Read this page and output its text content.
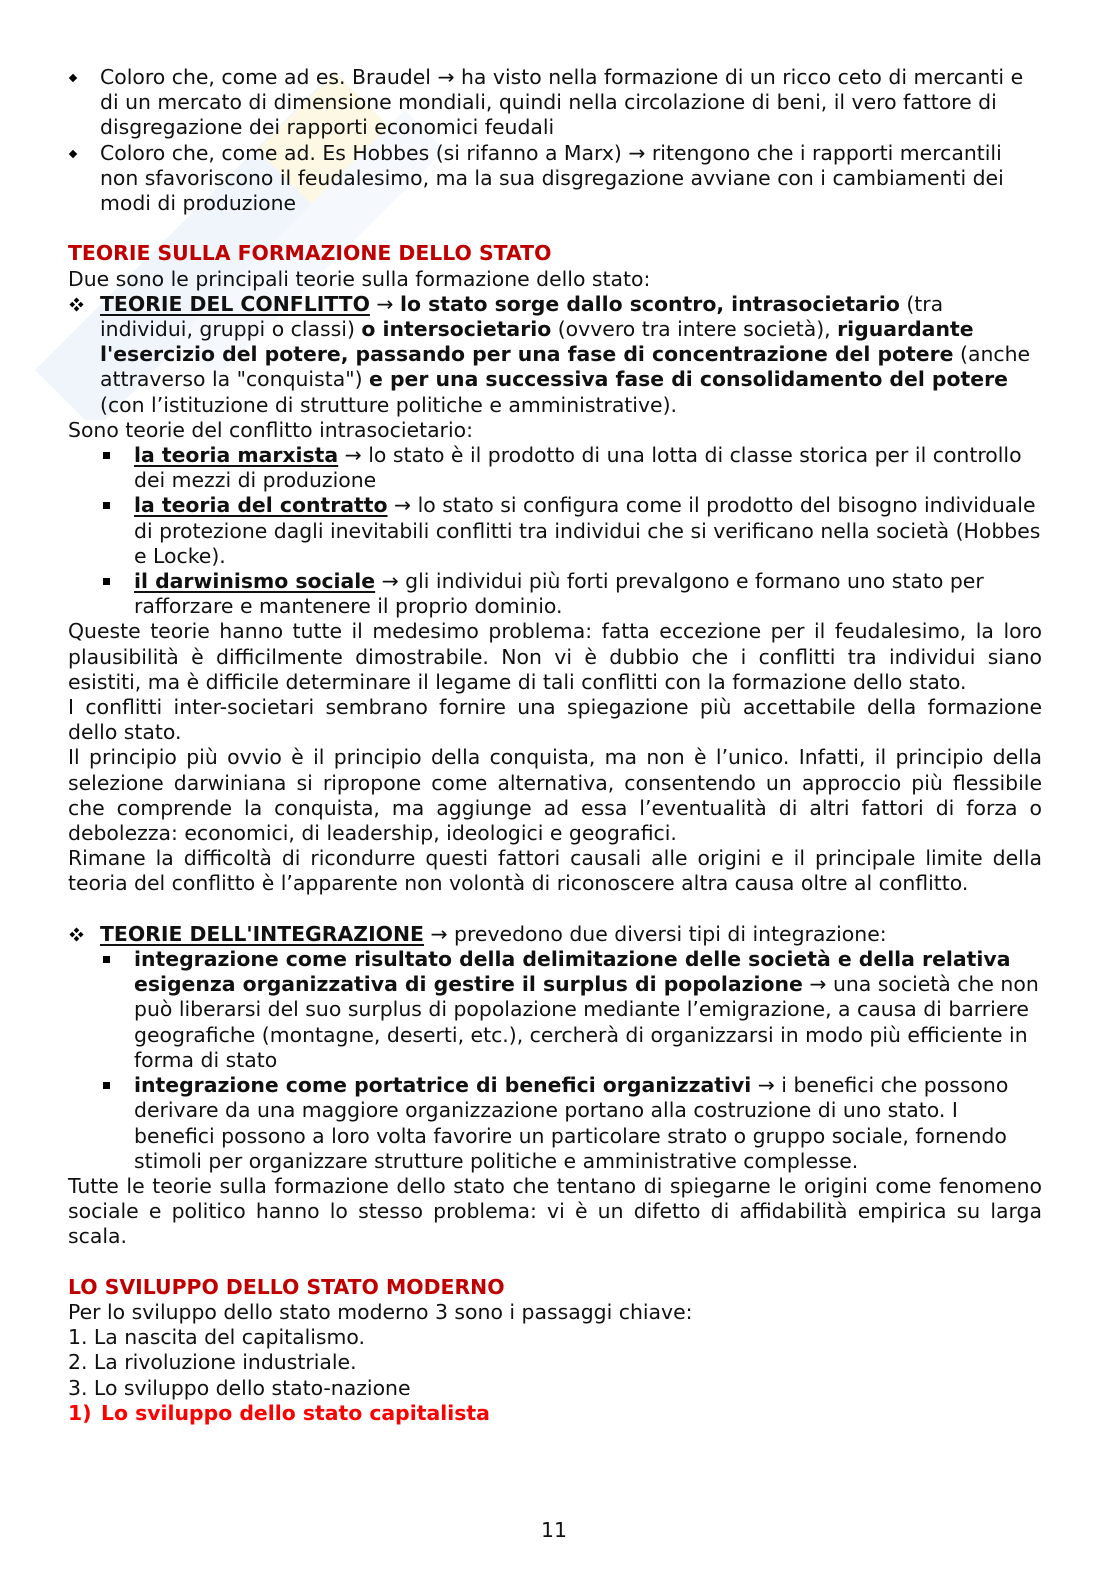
Coloro che, come ad es. Braudel → ha visto nella formazione di un ricco ceto di mercanti e di un mercato di dimensione mondiali, quindi nella circolazione di beni, il vero fattore di disgregazione dei rapporti economici feudali
Coloro che, come ad. Es Hobbes (si rifanno a Marx) → ritengono che i rapporti mercantili non sfavoriscono il feudalesimo, ma la sua disgregazione avviane con i cambiamenti dei modi di produzione
TEORIE SULLA FORMAZIONE DELLO STATO

Due sono le principali teorie sulla formazione dello stato:

TEORIE DEL CONFLITTO → lo stato sorge dallo scontro, intrasocietario (tra individui, gruppi o classi) o intersocietario (ovvero tra intere società), riguardante l'esercizio del potere, passando per una fase di concentrazione del potere (anche attraverso la "conquista") e per una successiva fase di consolidamento del potere (con l’istituzione di strutture politiche e amministrative).

Sono teorie del conflitto intrasocietario:

la teoria marxista → lo stato è il prodotto di una lotta di classe storica per il controllo dei mezzi di produzione
la teoria del contratto → lo stato si configura come il prodotto del bisogno individuale di protezione dagli inevitabili conflitti tra individui che si verificano nella società (Hobbes e Locke).
il darwinismo sociale → gli individui più forti prevalgono e formano uno stato per rafforzare e mantenere il proprio dominio.

Queste teorie hanno tutte il medesimo problema: fatta eccezione per il feudalesimo, la loro plausibilità è difficilmente dimostrabile. Non vi è dubbio che i conflitti tra individui siano esistiti, ma è difficile determinare il legame di tali conflitti con la formazione dello stato.

I conflitti inter-societari sembrano fornire una spiegazione più accettabile della formazione dello stato.

Il principio più ovvio è il principio della conquista, ma non è l’unico. Infatti, il principio della selezione darwiniana si ripropone come alternativa, consentendo un approccio più flessibile che comprende la conquista, ma aggiunge ad essa l’eventualità di altri fattori di forza o debolezza: economici, di leadership, ideologici e geografici.

Rimane la difficoltà di ricondurre questi fattori causali alle origini e il principale limite della teoria del conflitto è l’apparente non volontà di riconoscere altra causa oltre al conflitto.

TEORIE DELL'INTEGRAZIONE → prevedono due diversi tipi di integrazione:
integrazione come risultato della delimitazione delle società e della relativa esigenza organizzativa di gestire il surplus di popolazione → una società che non può liberarsi del suo surplus di popolazione mediante l’emigrazione, a causa di barriere geografiche (montagne, deserti, etc.), cercherà di organizzarsi in modo più efficiente in forma di stato
integrazione come portatrice di benefici organizzativi → i benefici che possono derivare da una maggiore organizzazione portano alla costruzione di uno stato. I benefici possono a loro volta favorire un particolare strato o gruppo sociale, fornendo stimoli per organizzare strutture politiche e amministrative complesse.

Tutte le teorie sulla formazione dello stato che tentano di spiegarne le origini come fenomeno sociale e politico hanno lo stesso problema: vi è un difetto di affidabilità empirica su larga scala.

LO SVILUPPO DELLO STATO MODERNO

Per lo sviluppo dello stato moderno 3 sono i passaggi chiave:

1. La nascita del capitalismo.

2. La rivoluzione industriale.

3. Lo sviluppo dello stato-nazione

1) Lo sviluppo dello stato capitalista
11
